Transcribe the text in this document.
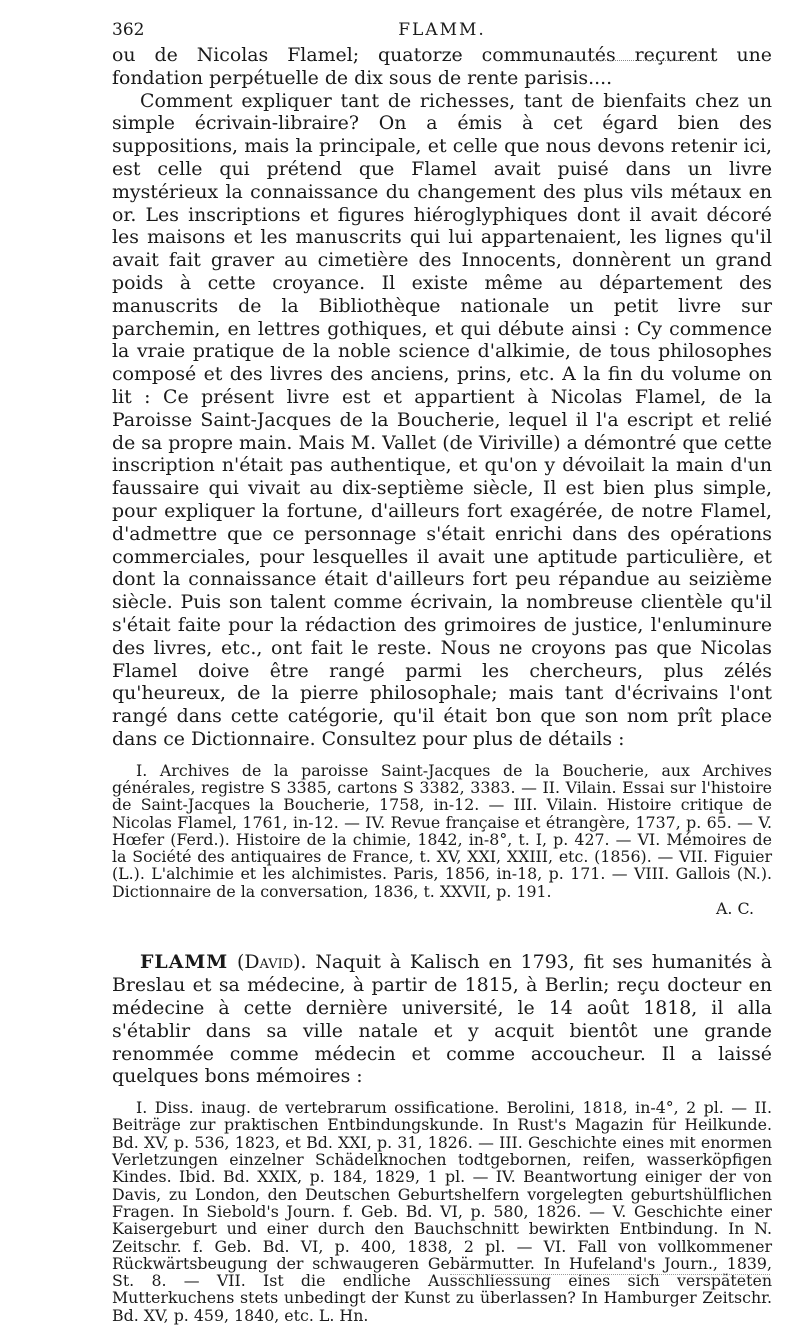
362	FLAMM.

ou de Nicolas Flamel; quatorze communautés reçurent une fondation perpétuelle de dix sous de rente parisis....

Comment expliquer tant de richesses, tant de bienfaits chez un simple écrivain-libraire? On a émis à cet égard bien des suppositions, mais la principale, et celle que nous devons retenir ici, est celle qui prétend que Flamel avait puisé dans un livre mystérieux la connaissance du changement des plus vils métaux en or. Les inscriptions et figures hiéroglyphiques dont il avait décoré les maisons et les manuscrits qui lui appartenaient, les lignes qu'il avait fait graver au cimetière des Innocents, donnèrent un grand poids à cette croyance. Il existe même au département des manuscrits de la Bibliothèque nationale un petit livre sur parchemin, en lettres gothiques, et qui débute ainsi : Cy commence la vraie pratique de la noble science d'alkimie, de tous philosophes composé et des livres des anciens, prins, etc. A la fin du volume on lit : Ce présent livre est et appartient à Nicolas Flamel, de la Paroisse Saint-Jacques de la Boucherie, lequel il l'a escript et relié de sa propre main. Mais M. Vallet (de Viriville) a démontré que cette inscription n'était pas authentique, et qu'on y dévoilait la main d'un faussaire qui vivait au dix-septième siècle, Il est bien plus simple, pour expliquer la fortune, d'ailleurs fort exagérée, de notre Flamel, d'admettre que ce personnage s'était enrichi dans des opérations commerciales, pour lesquelles il avait une aptitude particulière, et dont la connaissance était d'ailleurs fort peu répandue au seizième siècle. Puis son talent comme écrivain, la nombreuse clientèle qu'il s'était faite pour la rédaction des grimoires de justice, l'enluminure des livres, etc., ont fait le reste. Nous ne croyons pas que Nicolas Flamel doive être rangé parmi les chercheurs, plus zélés qu'heureux, de la pierre philosophale; mais tant d'écrivains l'ont rangé dans cette catégorie, qu'il était bon que son nom prît place dans ce Dictionnaire. Consultez pour plus de détails :

I. Archives de la paroisse Saint-Jacques de la Boucherie, aux Archives générales, registre S 3385, cartons S 3382, 3383. — II. Vilain. Essai sur l'histoire de Saint-Jacques la Boucherie, 1758, in-12. — III. Vilain. Histoire critique de Nicolas Flamel, 1761, in-12. — IV. Revue française et étrangère, 1737, p. 65. — V. Hœfer (Ferd.). Histoire de la chimie, 1842, in-8°, t. I, p. 427. — VI. Mémoires de la Société des antiquaires de France, t. XV, XXI, XXIII, etc. (1856). — VII. Figuier (L.). L'alchimie et les alchimistes. Paris, 1856, in-18, p. 171. — VIII. Gallois (N.). Dictionnaire de la conversation, 1836, t. XXVII, p. 191.

A. C.

FLAMM (David). Naquit à Kalisch en 1793, fit ses humanités à Breslau et sa médecine, à partir de 1815, à Berlin; reçu docteur en médecine à cette dernière université, le 14 août 1818, il alla s'établir dans sa ville natale et y acquit bientôt une grande renommée comme médecin et comme accoucheur. Il a laissé quelques bons mémoires :

I. Diss. inaug. de vertebrarum ossificatione. Berolini, 1818, in-4°, 2 pl. — II. Beiträge zur praktischen Entbindungskunde. In Rust's Magazin für Heilkunde. Bd. XV, p. 536, 1823, et Bd. XXI, p. 31, 1826. — III. Geschichte eines mit enormen Verletzungen einzelner Schädelknochen todtgebornen, reifen, wasserköpfigen Kindes. Ibid. Bd. XXIX, p. 184, 1829, 1 pl. — IV. Beantwortung einiger der von Davis, zu London, den Deutschen Geburtshelfern vorgelegten geburtshülflichen Fragen. In Siebold's Journ. f. Geb. Bd. VI, p. 580, 1826. — V. Geschichte einer Kaisergeburt und einer durch den Bauchschnitt bewirkten Entbindung. In N. Zeitschr. f. Geb. Bd. VI, p. 400, 1838, 2 pl. — VI. Fall von vollkommener Rückwärtsbeugung der schwaugeren Gebärmutter. In Hufeland's Journ., 1839, St. 8. — VII. Ist die endliche Ausschliessung eines sich verspäteten Mutterkuchens stets unbedingt der Kunst zu überlassen? In Hamburger Zeitschr. Bd. XV, p. 459, 1840, etc. L. Hn.
